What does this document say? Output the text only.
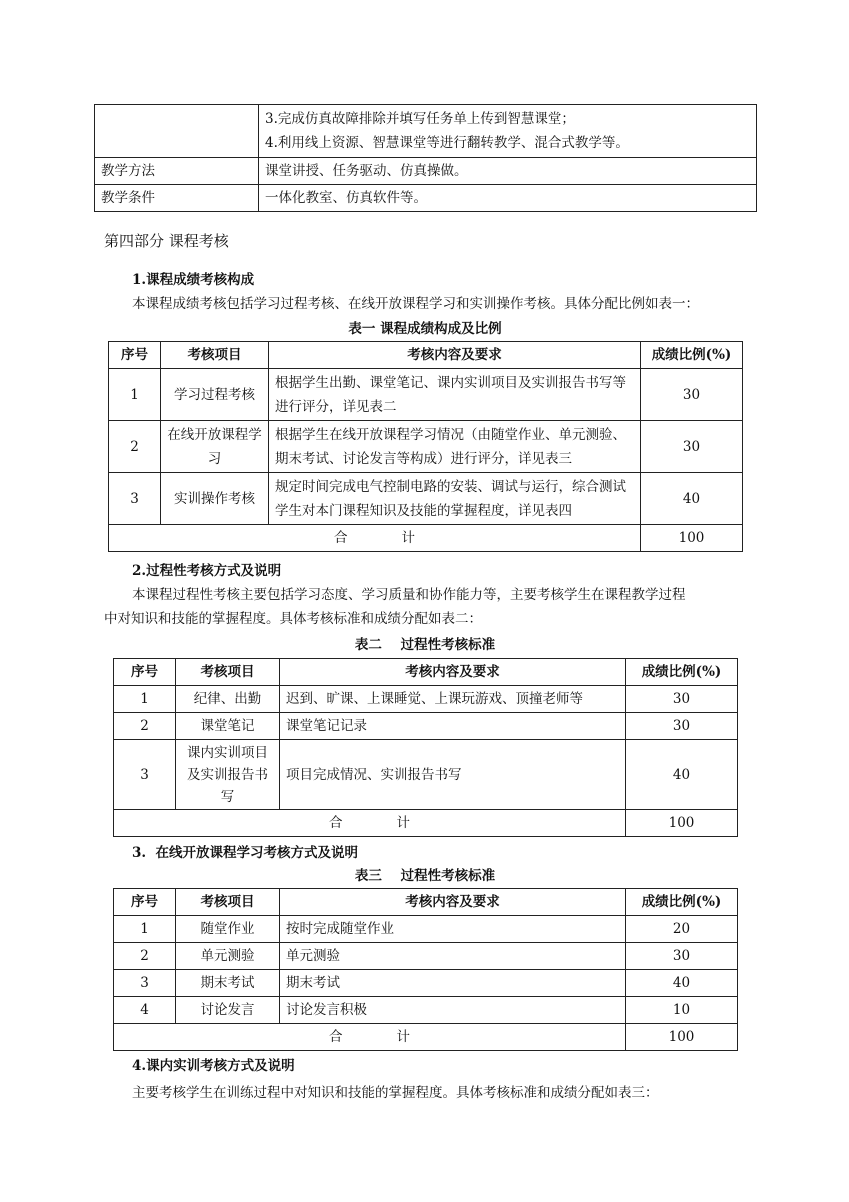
	3.完成仿真故障排除并填写任务单上传到智慧课堂；
4.利用线上资源、智慧课堂等进行翻转教学、混合式教学等。

教学方法	课堂讲授、任务驱动、仿真操做。
教学条件	一体化教室、仿真软件等。
第四部分 课程考核
1.课程成绩考核构成
本课程成绩考核包括学习过程考核、在线开放课程学习和实训操作考核。具体分配比例如表一：
表一 课程成绩构成及比例
序号	考核项目	考核内容及要求	成绩比例(%)
1	学习过程考核	根据学生出勤、课堂笔记、课内实训项目及实训报告书写等进行评分，详见表二	30
2	在线开放课程学习	根据学生在线开放课程学习情况（由随堂作业、单元测验、期末考试、讨论发言等构成）进行评分，详见表三	30
3	实训操作考核	规定时间完成电气控制电路的安装、调试与运行，综合测试学生对本门课程知识及技能的掌握程度，详见表四	40
合 计			100
2.过程性考核方式及说明
本课程过程性考核主要包括学习态度、学习质量和协作能力等，主要考核学生在课程教学过程
中对知识和技能的掌握程度。具体考核标准和成绩分配如表二：
表二    过程性考核标准
序号	考核项目	考核内容及要求	成绩比例(%)
1	纪律、出勤	迟到、旷课、上课睡觉、上课玩游戏、顶撞老师等	30
2	课堂笔记	课堂笔记记录	30
3	课内实训项目及实训报告书写	项目完成情况、实训报告书写	40
合 计			100
3.  在线开放课程学习考核方式及说明
表三    过程性考核标准
序号	考核项目	考核内容及要求	成绩比例(%)
1	随堂作业	按时完成随堂作业	20
2	单元测验	单元测验	30
3	期末考试	期末考试	40
4	讨论发言	讨论发言积极	10
合 计			100
4.课内实训考核方式及说明
主要考核学生在训练过程中对知识和技能的掌握程度。具体考核标准和成绩分配如表三：
